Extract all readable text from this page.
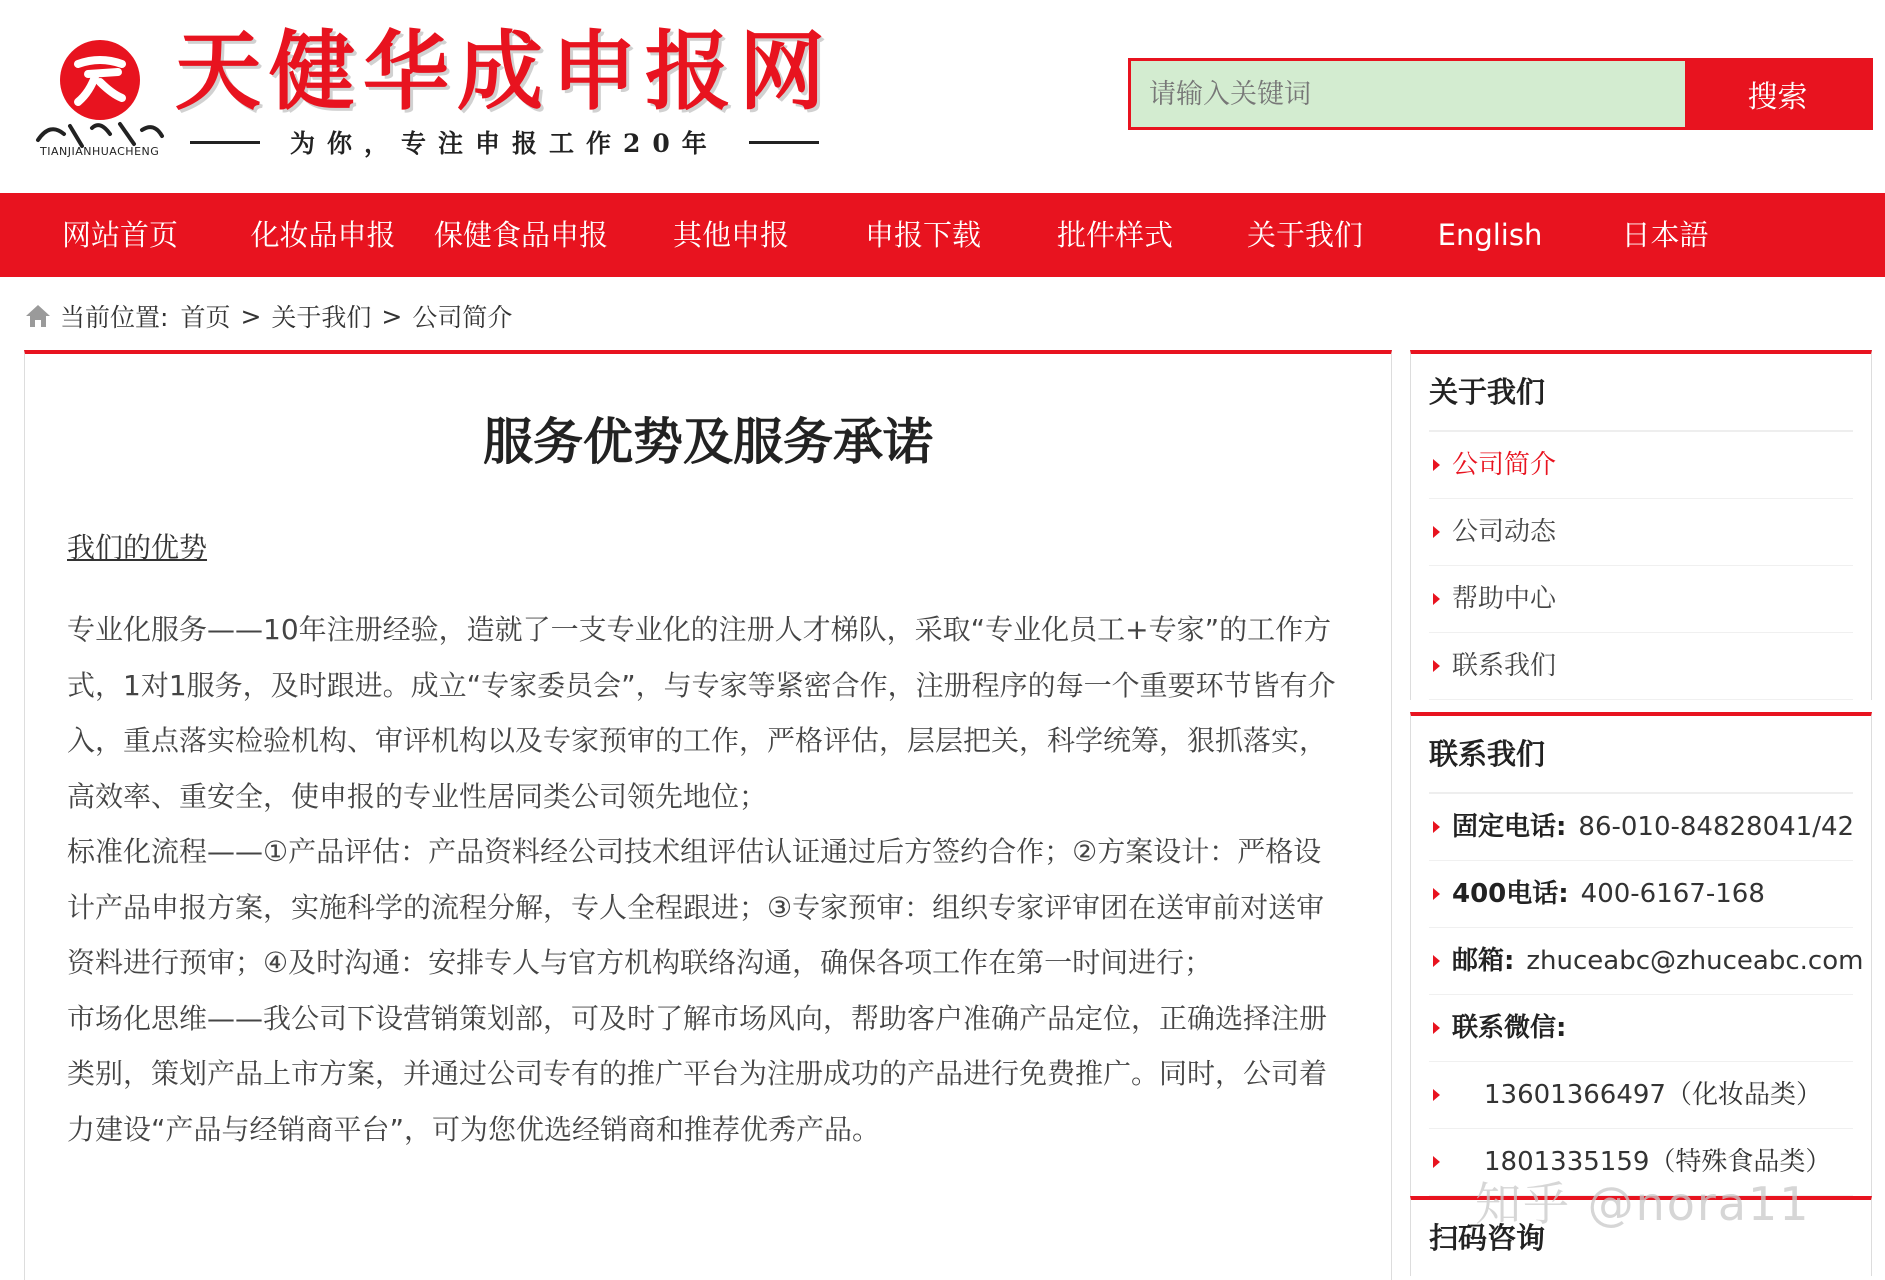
TIANJIANHUACHENG
天健华成申报网
为你，专注申报工作20年
请输入关键词
搜索
网站首页	化妆品申报	保健食品申报	其他申报	申报下载	批件样式	关于我们	English	日本語
当前位置: 首页 > 关于我们 > 公司简介
服务优势及服务承诺
我们的优势

专业化服务——10年注册经验，造就了一支专业化的注册人才梯队，采取“专业化员工+专家”的工作方式，1对1服务，及时跟进。成立“专家委员会”，与专家等紧密合作，注册程序的每一个重要环节皆有介入，重点落实检验机构、审评机构以及专家预审的工作，严格评估，层层把关，科学统筹，狠抓落实，高效率、重安全，使申报的专业性居同类公司领先地位；

标准化流程——①产品评估：产品资料经公司技术组评估认证通过后方签约合作；②方案设计：严格设计产品申报方案，实施科学的流程分解，专人全程跟进；③专家预审：组织专家评审团在送审前对送审资料进行预审；④及时沟通：安排专人与官方机构联络沟通，确保各项工作在第一时间进行；

市场化思维——我公司下设营销策划部，可及时了解市场风向，帮助客户准确产品定位，正确选择注册类别，策划产品上市方案，并通过公司专有的推广平台为注册成功的产品进行免费推广。同时，公司着力建设“产品与经销商平台”，可为您优选经销商和推荐优秀产品。

关于我们
公司简介
公司动态
帮助中心
联系我们
联系我们
固定电话: 86-010-84828041/42
400电话: 400-6167-168
邮箱: zhuceabc@zhuceabc.com
联系微信:
13601366497（化妆品类）
1801335159（特殊食品类）
扫码咨询
知乎 @nora11
